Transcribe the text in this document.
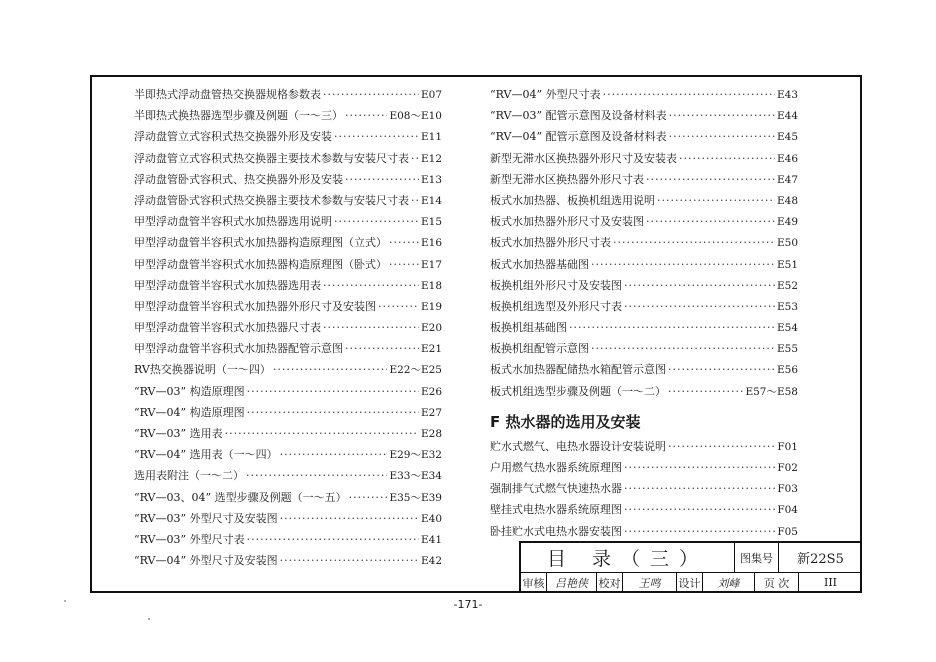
半即热式浮动盘管热交换器规格参数表 ·····	E07
半即热式换热器选型步骤及例题（一～三） ·····	E08～E10
浮动盘管立式容积式热交换器外形及安装 ·····	E11
浮动盘管立式容积式热交换器主要技术参数与安装尺寸表 ····· E12
浮动盘管卧式容积式、热交换器外形及安装 ·····	E13
浮动盘管卧式容积式热交换器主要技术参数与安装尺寸表 ····· E14
甲型浮动盘管半容积式水加热器选用说明 ·····	E15
甲型浮动盘管半容积式水加热器构造原理图（立式） ·····	E16
甲型浮动盘管半容积式水加热器构造原理图（卧式） ·····	E17
甲型浮动盘管半容积式水加热器选用表 ·····	E18
甲型浮动盘管半容积式水加热器外形尺寸及安装图 ·····	E19
甲型浮动盘管半容积式水加热器尺寸表 ·····	E20
甲型浮动盘管半容积式水加热器配管示意图 ·····	E21
RV热交换器说明（一～四） ·····	E22～E25
“RV—03” 构造原理图 ·····	E26
“RV—04” 构造原理图 ·····	E27
“RV—03” 选用表 ·····	E28
“RV—04” 选用表（一～四） ·····	E29～E32
选用表附注（一～二） ·····	E33～E34
“RV—03、04” 选型步骤及例题（一～五） ·····	E35～E39
“RV—03” 外型尺寸及安装图 ·····	E40
“RV—03” 外型尺寸表 ·····	E41
“RV—04” 外型尺寸及安装图 ·····	E42
“RV—04” 外型尺寸表 ·····	E43
“RV—03” 配管示意图及设备材料表 ·····	E44
“RV—04” 配管示意图及设备材料表 ·····	E45
新型无滞水区换热器外形尺寸及安装表 ·····	E46
新型无滞水区换热器外形尺寸表 ·····	E47
板式水加热器、板换机组选用说明 ·····	E48
板式水加热器外形尺寸及安装图 ·····	E49
板式水加热器外形尺寸表 ·····	E50
板式水加热器基础图 ·····	E51
板换机组外形尺寸及安装图 ·····	E52
板换机组选型及外形尺寸表 ·····	E53
板换机组基础图 ·····	E54
板换机组配管示意图 ·····	E55
板式水加热器配储热水箱配管示意图 ·····	E56
板式机组选型步骤及例题（一～二） ·····	E57～E58
F 热水器的选用及安装
贮水式燃气、电热水器设计安装说明 ·····	F01
户用燃气热水器系统原理图 ·····	F02
强制排气式燃气快速热水器 ·····	F03
壁挂式电热水器系统原理图 ·····	F04
卧挂贮水式电热水器安装图 ·····	F05
目 录（三）	图集号 新22S5
审核 吕艳侠 校对 王鸣 设计 刘峰 页 次	III
-171-
